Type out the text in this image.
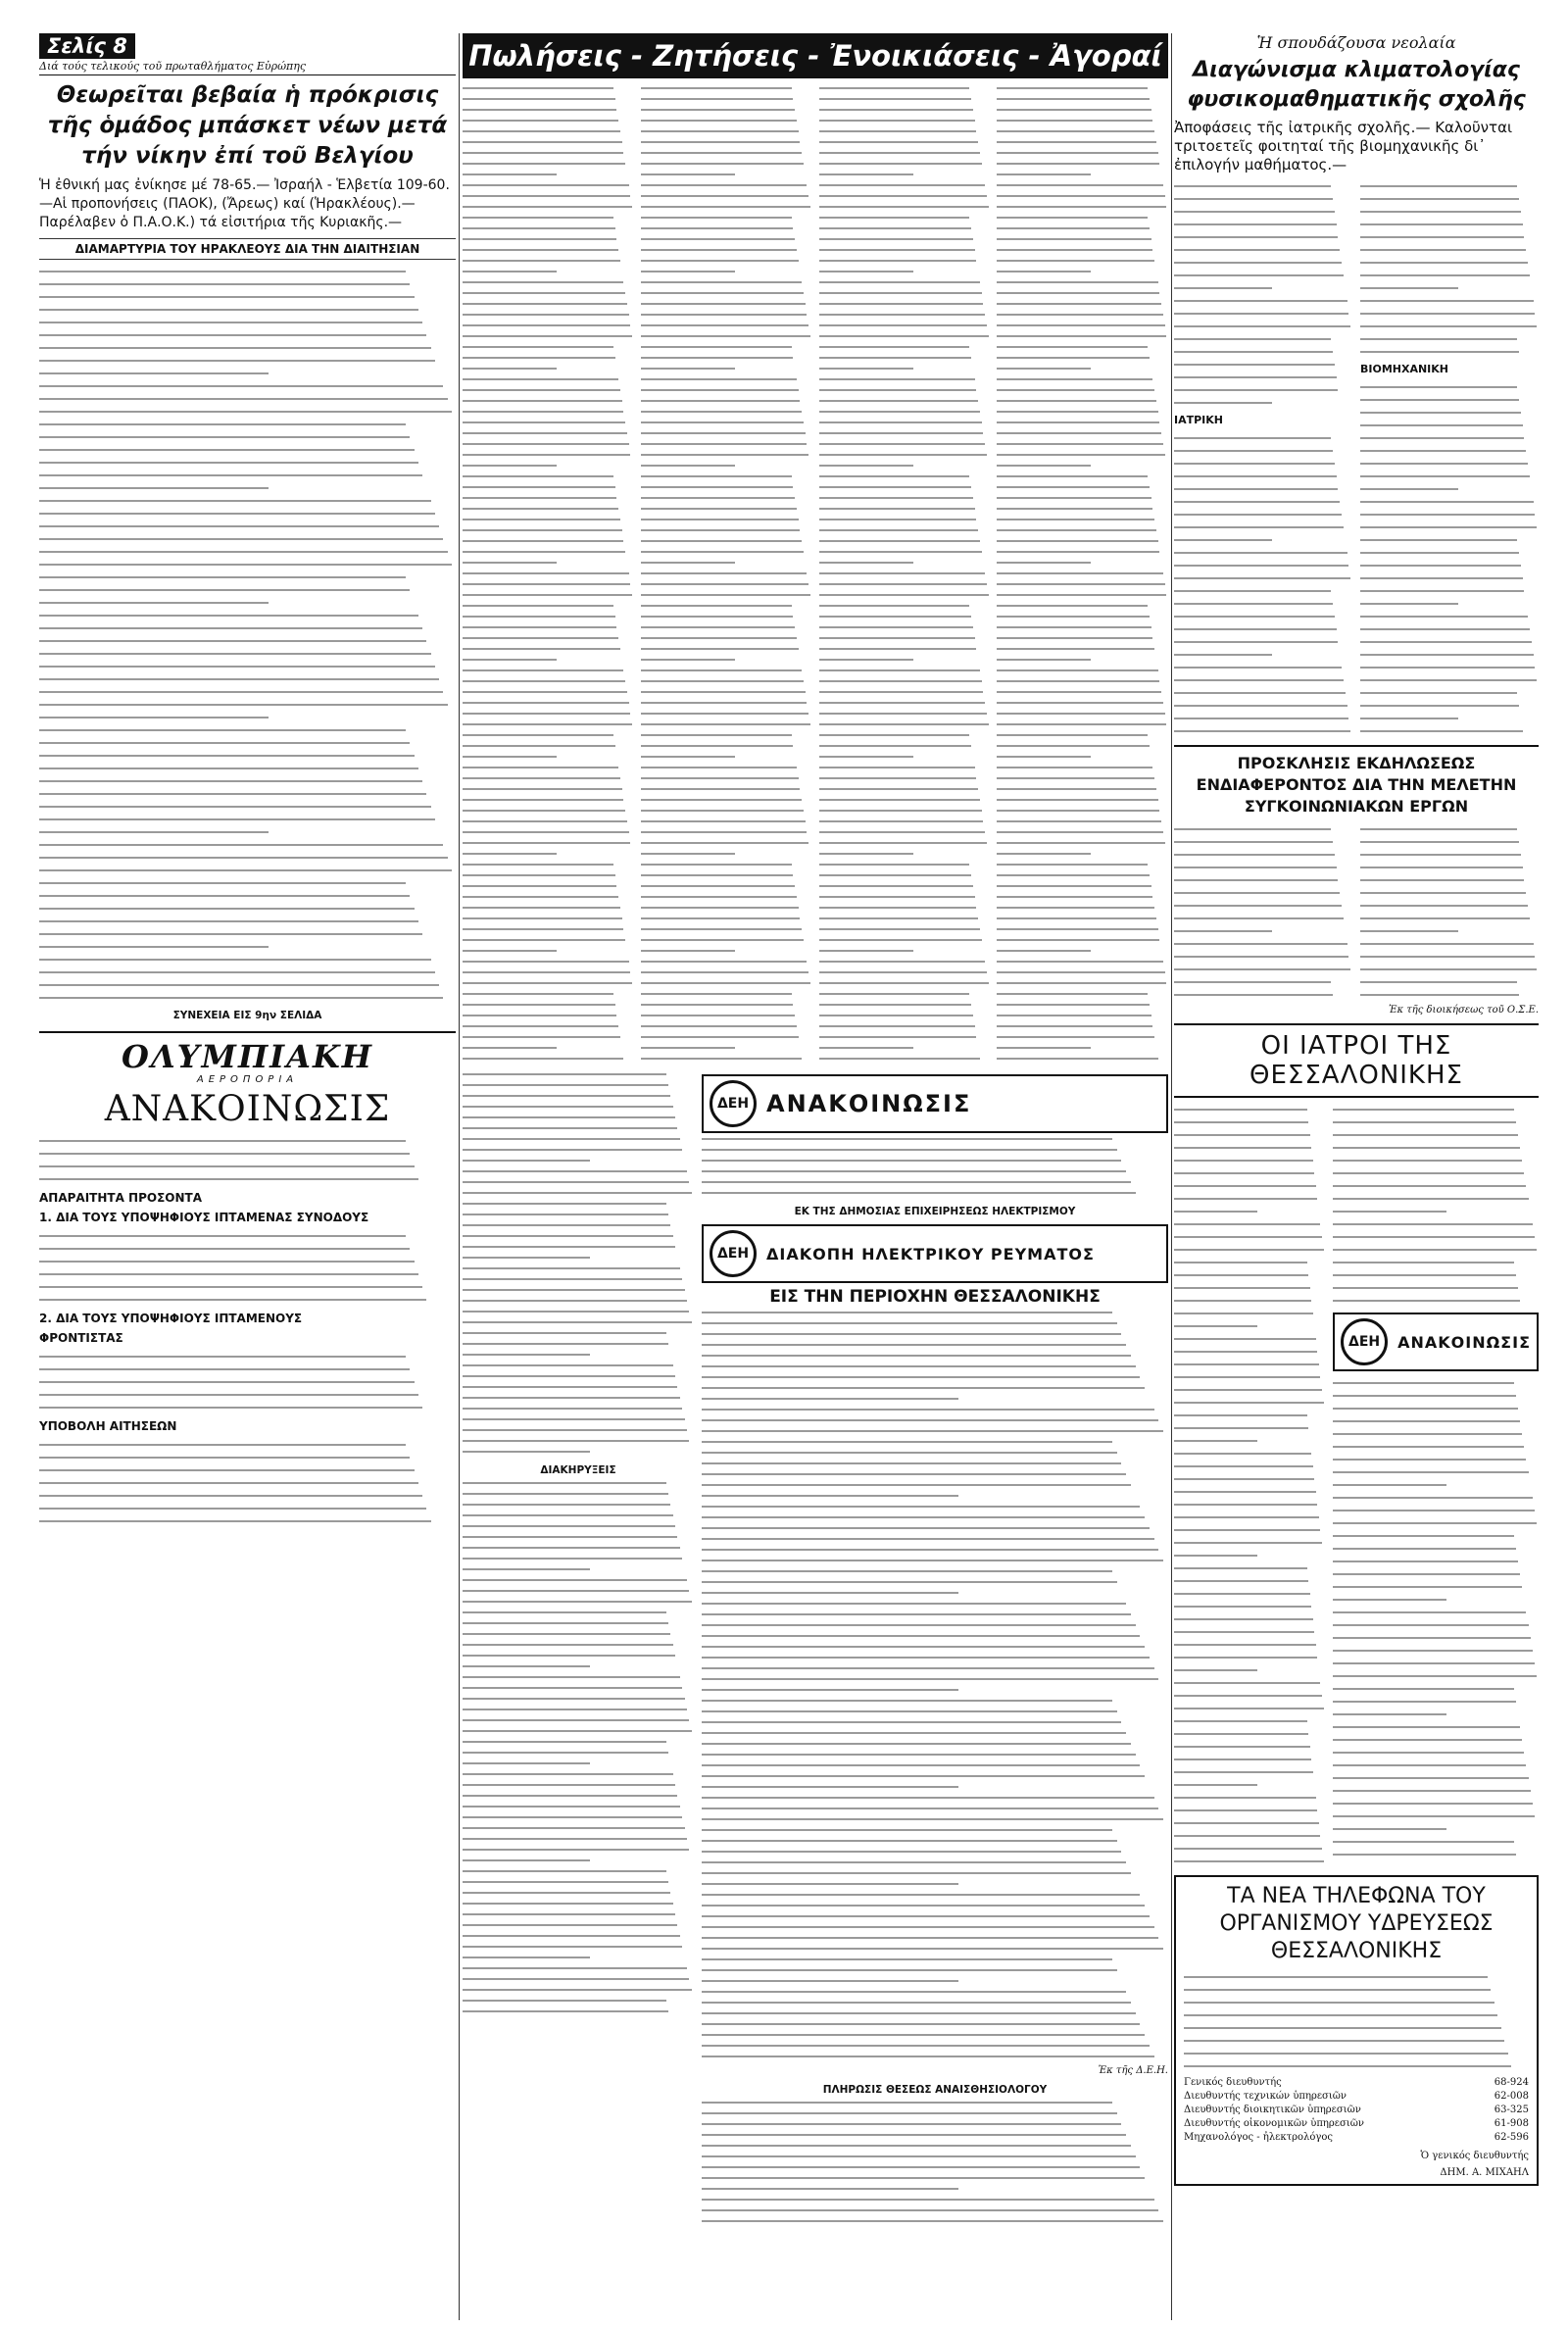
Σελίς 8
Διά τούς τελικούς τοῦ πρωταθλήματος Εὐρώπης
Θεωρεῖται βεβαία ἡ πρόκρισις τῆς ὁμάδος μπάσκετ νέων μετά τήν νίκην ἐπί τοῦ Βελγίου
Ἡ ἐθνική μας ἐνίκησε μέ 78-65.— Ἰσραήλ - Ἑλβετία 109-60.—Αἱ προπονήσεις (ΠΑΟΚ), (Ἄρεως) καί (Ἡρακλέους).—Παρέλαβεν ὁ Π.Α.Ο.Κ.) τά εἰσιτήρια τῆς Κυριακῆς.—
ΔΙΑΜΑΡΤΥΡΙΑ ΤΟΥ ΗΡΑΚΛΕΟΥΣ ΔΙΑ ΤΗΝ ΔΙΑΙΤΗΣΙΑΝ
ΣΥΝΕΧΕΙΑ ΕΙΣ 9ην ΣΕΛΙΔΑ
ΟΛΥΜΠΙΑΚΗ
ΑΕΡΟΠΟΡΙΑ
ΑΝΑΚΟΙΝΩΣΙΣ
ΑΠΑΡΑΙΤΗΤΑ ΠΡΟΣΟΝΤΑ
1. ΔΙΑ ΤΟΥΣ ΥΠΟΨΗΦΙΟΥΣ ΙΠΤΑΜΕΝΑΣ ΣΥΝΟΔΟΥΣ
2. ΔΙΑ ΤΟΥΣ ΥΠΟΨΗΦΙΟΥΣ ΙΠΤΑΜΕΝΟΥΣ
ΦΡΟΝΤΙΣΤΑΣ
ΥΠΟΒΟΛΗ ΑΙΤΗΣΕΩΝ
Πωλήσεις - Ζητήσεις - Ἐνοικιάσεις - Ἀγοραί
ΔΙΑΚΗΡΥΞΕΙΣ
ΔΕΗ ΑΝΑΚΟΙΝΩΣΙΣ
ΕΚ ΤΗΣ ΔΗΜΟΣΙΑΣ ΕΠΙΧΕΙΡΗΣΕΩΣ ΗΛΕΚΤΡΙΣΜΟΥ
ΔΕΗ	ΔΙΑΚΟΠΗ ΗΛΕΚΤΡΙΚΟΥ ΡΕΥΜΑΤΟΣ
ΕΙΣ ΤΗΝ ΠΕΡΙΟΧΗΝ ΘΕΣΣΑΛΟΝΙΚΗΣ
Ἐκ τῆς Δ.Ε.Η.
ΠΛΗΡΩΣΙΣ ΘΕΣΕΩΣ ΑΝΑΙΣΘΗΣΙΟΛΟΓΟΥ
Ἡ σπουδάζουσα νεολαία
Διαγώνισμα κλιματολογίας φυσικομαθηματικῆς σχολῆς
Ἀποφάσεις τῆς ἰατρικῆς σχολῆς.— Καλοῦνται τριτοετεῖς φοιτηταί τῆς βιομηχανικῆς δι᾽ ἐπιλογήν μαθήματος.—
ΙΑΤΡΙΚΗ
ΒΙΟΜΗΧΑΝΙΚΗ
ΠΡΟΣΚΛΗΣΙΣ ΕΚΔΗΛΩΣΕΩΣ ΕΝΔΙΑΦΕΡΟΝΤΟΣ ΔΙΑ ΤΗΝ ΜΕΛΕΤΗΝ ΣΥΓΚΟΙΝΩΝΙΑΚΩΝ ΕΡΓΩΝ
Ἐκ τῆς διοικήσεως τοῦ Ο.Σ.Ε.
ΟΙ ΙΑΤΡΟΙ ΤΗΣ ΘΕΣΣΑΛΟΝΙΚΗΣ
ΔΕΗ	ΑΝΑΚΟΙΝΩΣΙΣ
ΤΑ ΝΕΑ ΤΗΛΕΦΩΝΑ ΤΟΥ ΟΡΓΑΝΙΣΜΟΥ ΥΔΡΕΥΣΕΩΣ ΘΕΣΣΑΛΟΝΙΚΗΣ
Γενικός διευθυντής	68-924
Διευθυντής τεχνικών ὑπηρεσιῶν	62-008
Διευθυντής διοικητικῶν ὑπηρεσιῶν	63-325
Διευθυντής οἰκονομικῶν ὑπηρεσιῶν	61-908
Μηχανολόγος - ἠλεκτρολόγος	62-596
Ὁ γενικός διευθυντής
ΔΗΜ. Α. ΜΙΧΑΗΛ
